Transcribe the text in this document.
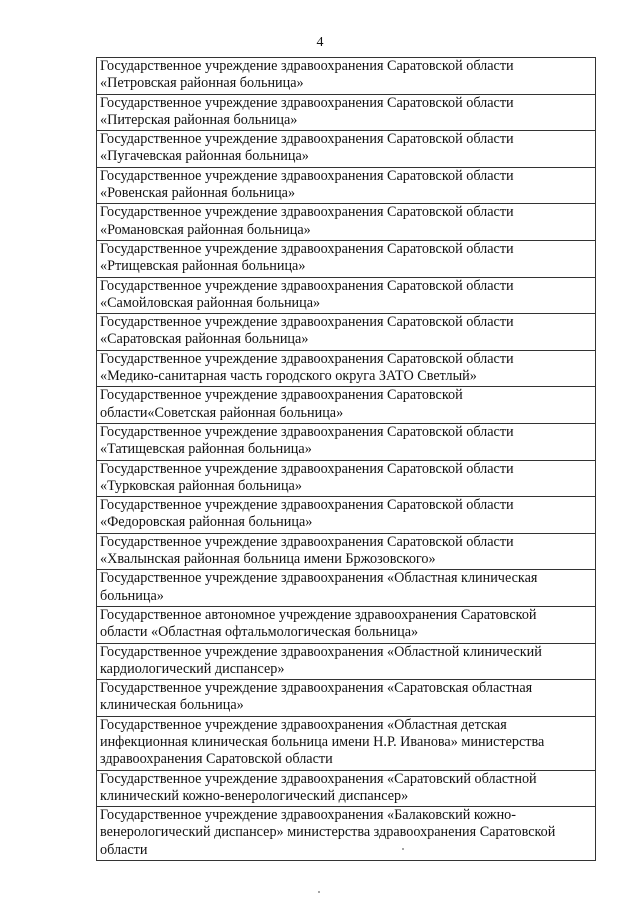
4
Государственное учреждение здравоохранения Саратовской области
«Петровская районная больница»

Государственное учреждение здравоохранения Саратовской области
«Питерская районная больница»

Государственное учреждение здравоохранения Саратовской области
«Пугачевская районная больница»

Государственное учреждение здравоохранения Саратовской области
«Ровенская районная больница»

Государственное учреждение здравоохранения Саратовской области
«Романовская районная больница»

Государственное учреждение здравоохранения Саратовской области
«Ртищевская районная больница»

Государственное учреждение здравоохранения Саратовской области
«Самойловская районная больница»

Государственное учреждение здравоохранения Саратовской области
«Саратовская районная больница»

Государственное учреждение здравоохранения Саратовской области
«Медико-санитарная часть городского округа ЗАТО Светлый»

Государственное учреждение здравоохранения Саратовской
области«Советская районная больница»

Государственное учреждение здравоохранения Саратовской области
«Татищевская районная больница»

Государственное учреждение здравоохранения Саратовской области
«Турковская районная больница»

Государственное учреждение здравоохранения Саратовской области
«Федоровская районная больница»

Государственное учреждение здравоохранения Саратовской области
«Хвалынская районная больница имени Бржозовского»

Государственное учреждение здравоохранения «Областная клиническая
больница»

Государственное автономное учреждение здравоохранения Саратовской
области «Областная офтальмологическая больница»

Государственное учреждение здравоохранения «Областной клинический
кардиологический диспансер»

Государственное учреждение здравоохранения «Саратовская областная
клиническая больница»

Государственное учреждение здравоохранения «Областная детская
инфекционная клиническая больница имени Н.Р. Иванова» министерства
здравоохранения Саратовской области

Государственное учреждение здравоохранения «Саратовский областной
клинический кожно-венерологический диспансер»

Государственное учреждение здравоохранения «Балаковский кожно-
венерологический диспансер» министерства здравоохранения Саратовской
области
